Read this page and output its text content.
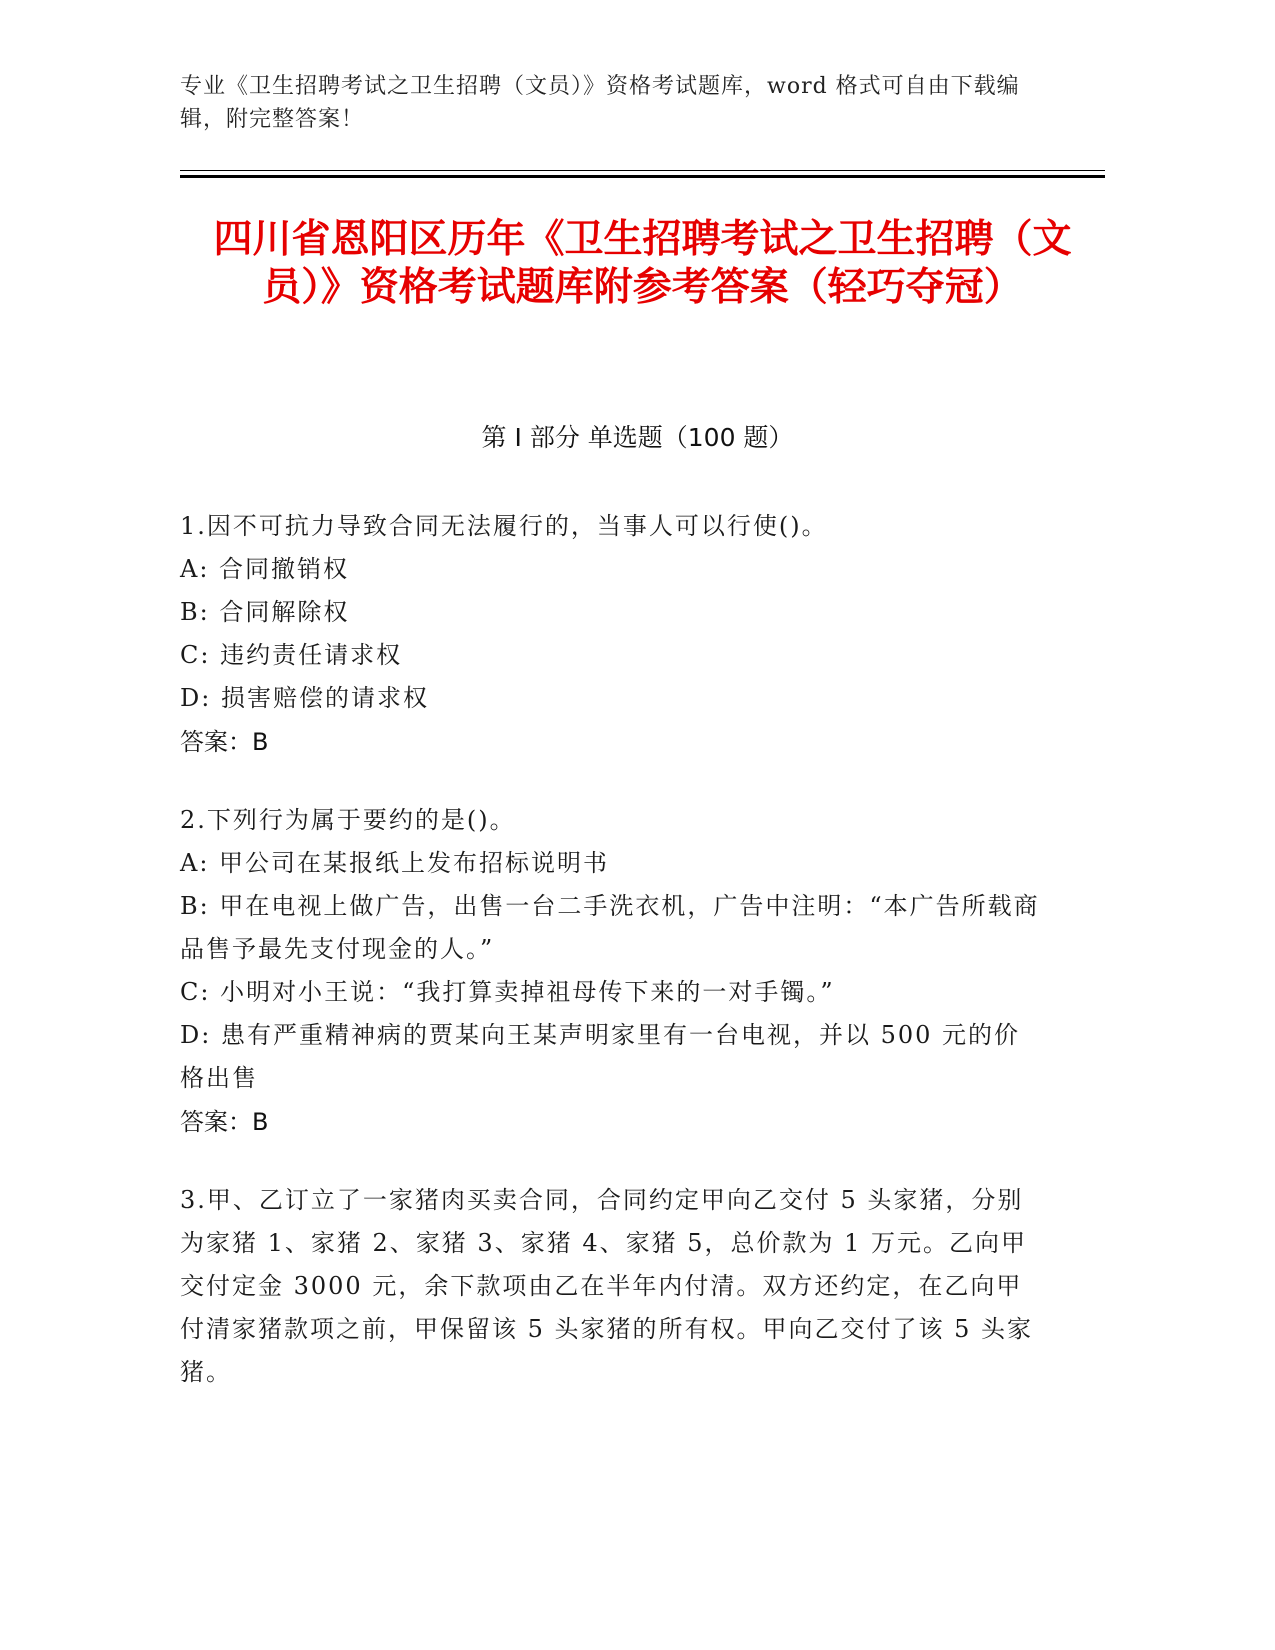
专业《卫生招聘考试之卫生招聘（文员）》资格考试题库，word 格式可自由下载编辑，附完整答案！
四川省恩阳区历年《卫生招聘考试之卫生招聘（文员）》资格考试题库附参考答案（轻巧夺冠）
第 I 部分 单选题（100 题）
1.因不可抗力导致合同无法履行的，当事人可以行使()。
A: 合同撤销权
B: 合同解除权
C: 违约责任请求权
D: 损害赔偿的请求权
答案：B
2.下列行为属于要约的是()。
A: 甲公司在某报纸上发布招标说明书
B: 甲在电视上做广告，出售一台二手洗衣机，广告中注明：“本广告所载商品售予最先支付现金的人。”
C: 小明对小王说：“我打算卖掉祖母传下来的一对手镯。”
D: 患有严重精神病的贾某向王某声明家里有一台电视，并以 500 元的价格出售
答案：B
3.甲、乙订立了一家猪肉买卖合同，合同约定甲向乙交付 5 头家猪，分别为家猪 1、家猪 2、家猪 3、家猪 4、家猪 5，总价款为 1 万元。乙向甲交付定金 3000 元，余下款项由乙在半年内付清。双方还约定，在乙向甲付清家猪款项之前，甲保留该 5 头家猪的所有权。甲向乙交付了该 5 头家猪。
